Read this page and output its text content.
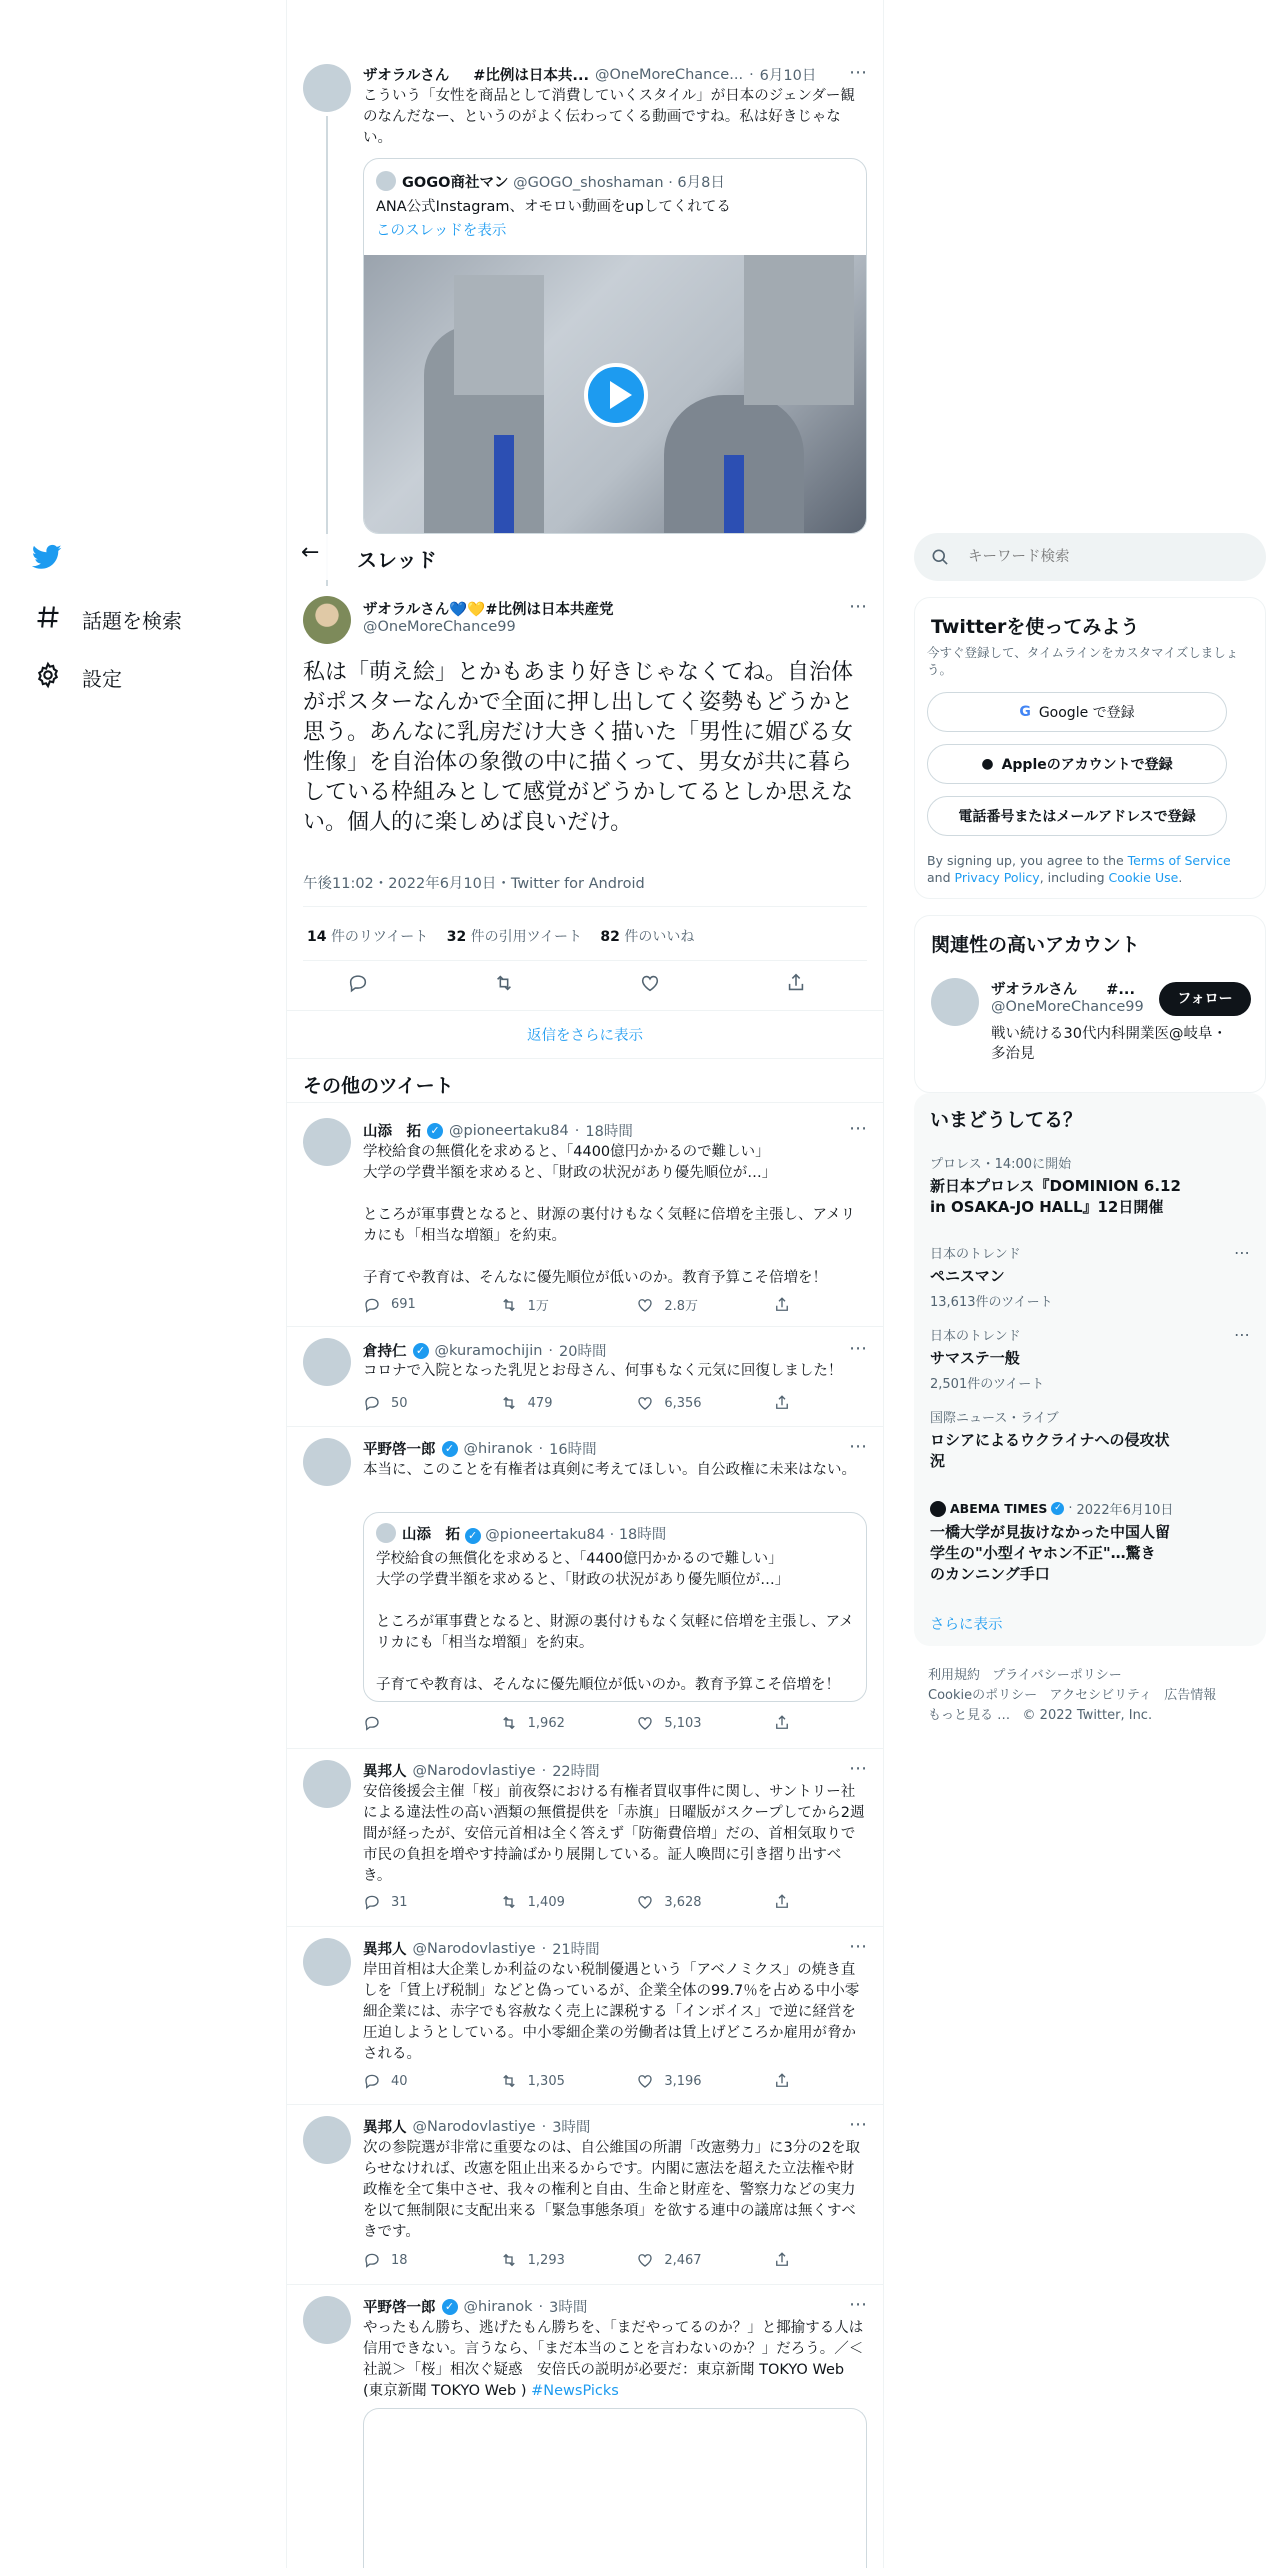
話題を検索
設定
ザオラルさん #比例は日本共... @OneMoreChance... · 6月10日 ⋯
こういう「女性を商品として消費していくスタイル」が日本のジェンダー観のなんだなー、というのがよく伝わってくる動画ですね。私は好きじゃない。
GOGO商社マン @GOGO_shoshaman · 6月8日
ANA公式Instagram、オモロい動画をupしてくれてる
このスレッドを表示
← スレッド
ザオラルさん💙💛#比例は日本共産党
@OneMoreChance99
⋯
私は「萌え絵」とかもあまり好きじゃなくてね。自治体がポスターなんかで全面に押し出してく姿勢もどうかと思う。あんなに乳房だけ大きく描いた「男性に媚びる女性像」を自治体の象徴の中に描くって、男女が共に暮らしている枠組みとして感覚がどうかしてるとしか思えない。個人的に楽しめば良いだけ。
午後11:02・2022年6月10日・Twitter for Android
14 件のリツイート 32 件の引用ツイート 82 件のいいね
返信をさらに表示
その他のツイート
山添　拓 ✓ @pioneertaku84 · 18時間	⋯
学校給食の無償化を求めると、「4400億円かかるので難しい」
大学の学費半額を求めると、「財政の状況があり優先順位が…」

ところが軍事費となると、財源の裏付けもなく気軽に倍増を主張し、アメリカにも「相当な増額」を約束。

子育てや教育は、そんなに優先順位が低いのか。教育予算こそ倍増を！
691	1万	2.8万
倉持仁 ✓ @kuramochijin · 20時間	⋯
コロナで入院となった乳児とお母さん、何事もなく元気に回復しました！
50	479	6,356
平野啓一郎 ✓ @hiranok · 16時間	⋯
本当に、このことを有権者は真剣に考えてほしい。自公政権に未来はない。
山添　拓 ✓ @pioneertaku84 · 18時間
学校給食の無償化を求めると、「4400億円かかるので難しい」
大学の学費半額を求めると、「財政の状況があり優先順位が…」

ところが軍事費となると、財源の裏付けもなく気軽に倍増を主張し、アメリカにも「相当な増額」を約束。

子育てや教育は、そんなに優先順位が低いのか。教育予算こそ倍増を！
1,962	5,103
異邦人 @Narodovlastiye · 22時間	⋯
安倍後援会主催「桜」前夜祭における有権者買収事件に関し、サントリー社による違法性の高い酒類の無償提供を「赤旗」日曜版がスクープしてから2週間が経ったが、安倍元首相は全く答えず「防衛費倍増」だの、首相気取りで市民の負担を増やす持論ばかり展開している。証人喚問に引き摺り出すべき。
31	1,409	3,628
異邦人 @Narodovlastiye · 21時間	⋯
岸田首相は大企業しか利益のない税制優遇という「アベノミクス」の焼き直しを「賃上げ税制」などと偽っているが、企業全体の99.7％を占める中小零細企業には、赤字でも容赦なく売上に課税する「インボイス」で逆に経営を圧迫しようとしている。中小零細企業の労働者は賃上げどころか雇用が脅かされる。
40	1,305	3,196
異邦人 @Narodovlastiye · 3時間	⋯
次の参院選が非常に重要なのは、自公維国の所謂「改憲勢力」に3分の2を取らせなければ、改憲を阻止出来るからです。内閣に憲法を超えた立法権や財政権を全て集中させ、我々の権利と自由、生命と財産を、警察力などの実力を以て無制限に支配出来る「緊急事態条項」を欲する連中の議席は無くすべきです。
18	1,293	2,467
平野啓一郎 ✓ @hiranok · 3時間	⋯
やったもん勝ち、逃げたもん勝ちを、「まだやってるのか？」と揶揄する人は信用できない。言うなら、「まだ本当のことを言わないのか？」だろう。／＜社説＞「桜」相次ぐ疑惑　安倍氏の説明が必要だ：東京新聞 TOKYO Web (東京新聞 TOKYO Web ) #NewsPicks
キーワード検索
Twitterを使ってみよう
今すぐ登録して、タイムラインをカスタマイズしましょう。
G Google で登録
● Appleのアカウントで登録
電話番号またはメールアドレスで登録
By signing up, you agree to the Terms of Service and Privacy Policy, including Cookie Use.
関連性の高いアカウント
ザオラルさん　　#...
@OneMoreChance99	フォロー
戦い続ける30代内科開業医@岐阜・多治見
いまどうしてる？
プロレス・14:00に開始
新日本プロレス『DOMINION 6.12 in OSAKA-JO HALL』12日開催
日本のトレンド
ペニスマン
13,613件のツイート
⋯
日本のトレンド
サマステ一般
2,501件のツイート
⋯
国際ニュース・ライブ
ロシアによるウクライナへの侵攻状況
ABEMA TIMES ✓ · 2022年6月10日
一橋大学が見抜けなかった中国人留学生の"小型イヤホン不正"…驚きのカンニング手口
さらに表示
利用規約 プライバシーポリシー
Cookieのポリシー アクセシビリティ 広告情報
もっと見る … © 2022 Twitter, Inc.
